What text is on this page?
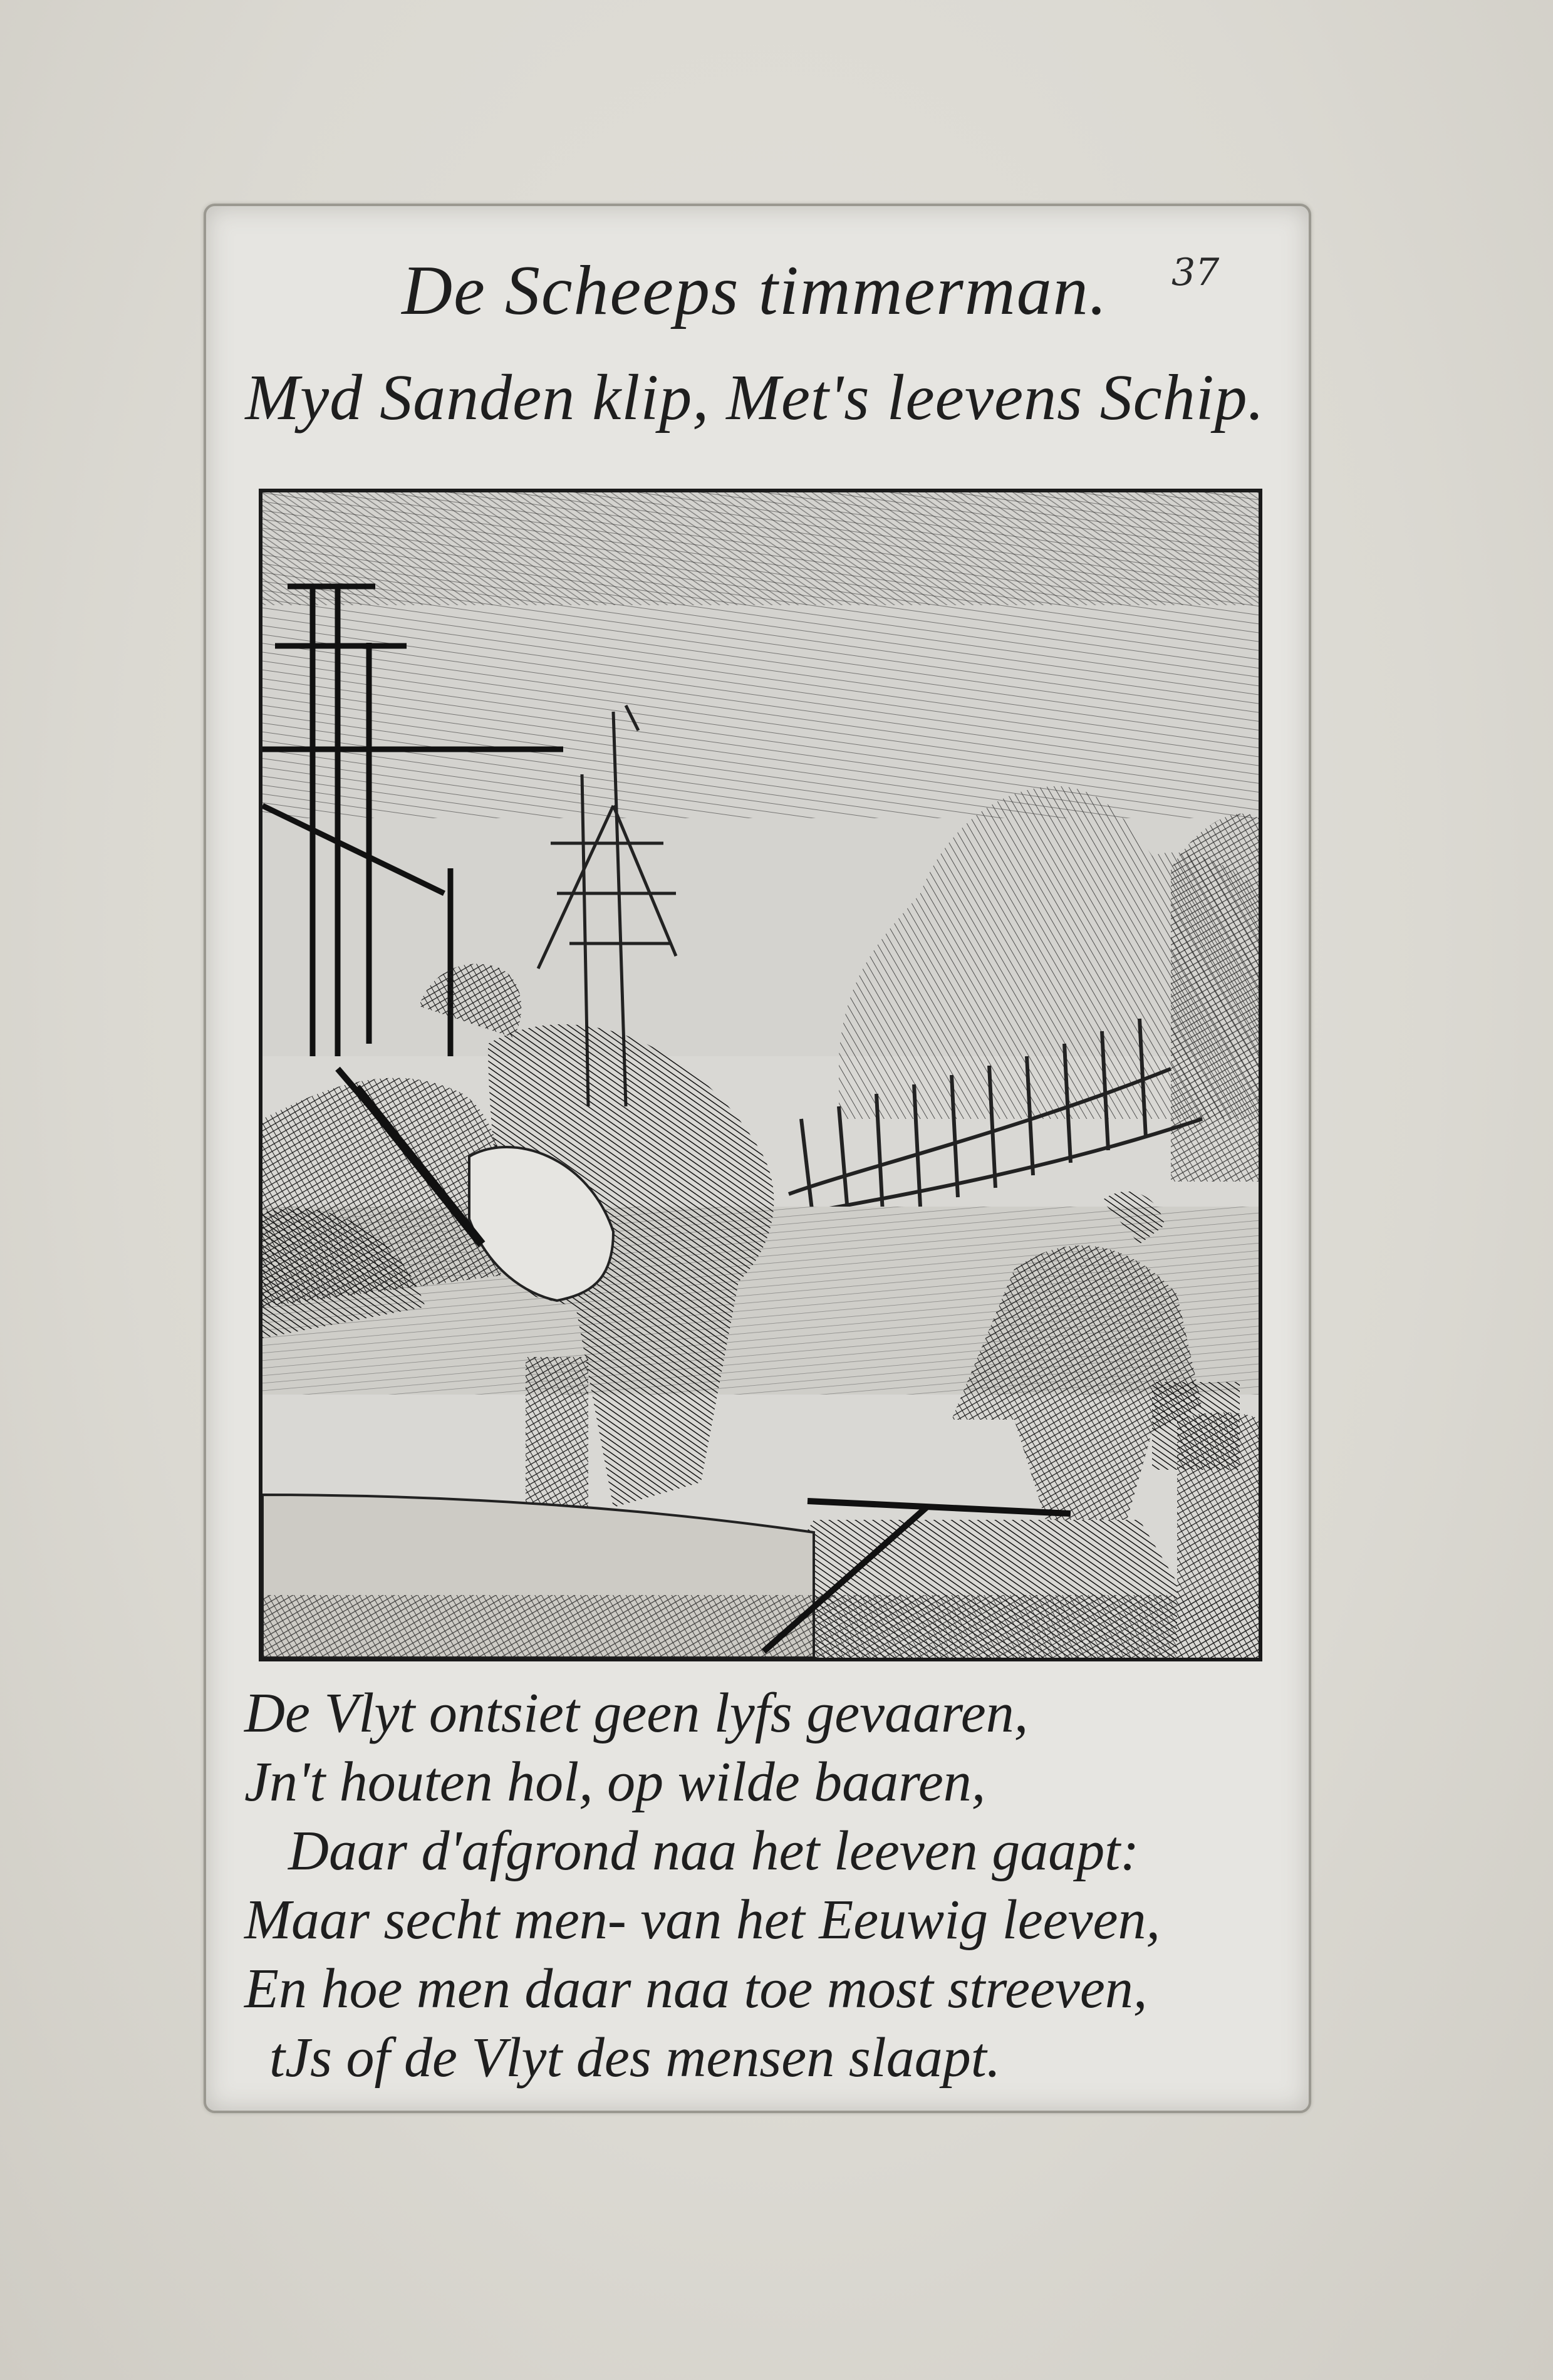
37
De Scheeps timmerman.
Myd Sanden klip, Met's leevens Schip.
De Vlyt ontsiet geen lyfs gevaaren,
Jn't houten hol, op wilde baaren,
Daar d'afgrond naa het leeven gaapt:
Maar secht men- van het Eeuwig leeven,
En hoe men daar naa toe most streeven,
tJs of de Vlyt des mensen slaapt.
